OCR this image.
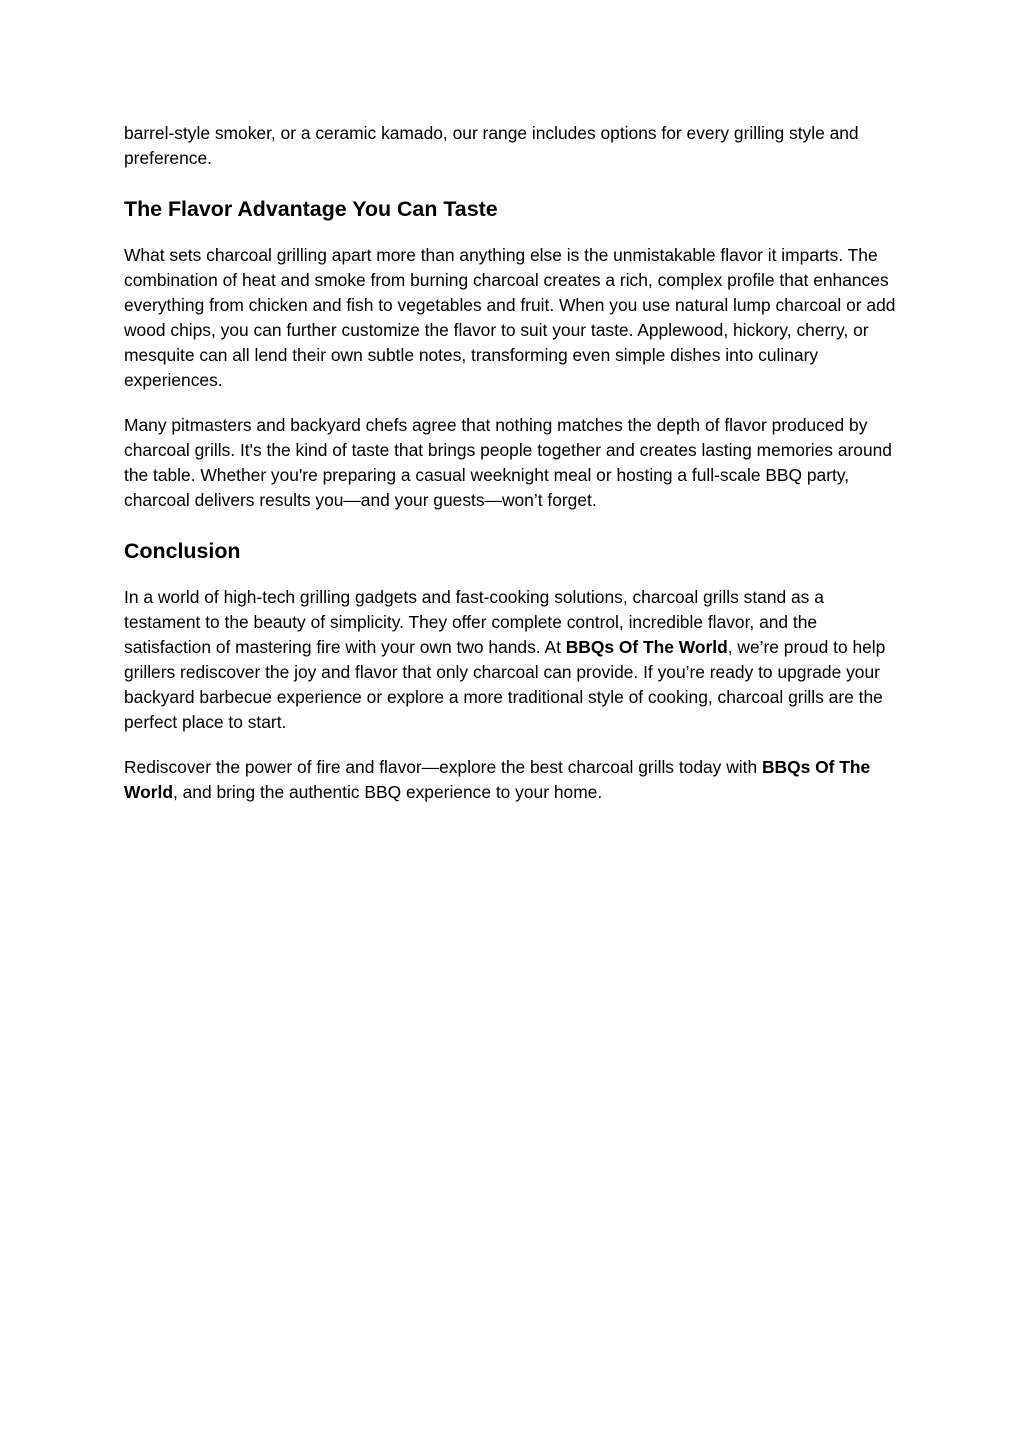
barrel-style smoker, or a ceramic kamado, our range includes options for every grilling style and preference.

The Flavor Advantage You Can Taste

What sets charcoal grilling apart more than anything else is the unmistakable flavor it imparts. The combination of heat and smoke from burning charcoal creates a rich, complex profile that enhances everything from chicken and fish to vegetables and fruit. When you use natural lump charcoal or add wood chips, you can further customize the flavor to suit your taste. Applewood, hickory, cherry, or mesquite can all lend their own subtle notes, transforming even simple dishes into culinary experiences.

Many pitmasters and backyard chefs agree that nothing matches the depth of flavor produced by charcoal grills. It's the kind of taste that brings people together and creates lasting memories around the table. Whether you're preparing a casual weeknight meal or hosting a full-scale BBQ party, charcoal delivers results you—and your guests—won’t forget.

Conclusion

In a world of high-tech grilling gadgets and fast-cooking solutions, charcoal grills stand as a testament to the beauty of simplicity. They offer complete control, incredible flavor, and the satisfaction of mastering fire with your own two hands. At BBQs Of The World, we’re proud to help grillers rediscover the joy and flavor that only charcoal can provide. If you’re ready to upgrade your backyard barbecue experience or explore a more traditional style of cooking, charcoal grills are the perfect place to start.

Rediscover the power of fire and flavor—explore the best charcoal grills today with BBQs Of The World, and bring the authentic BBQ experience to your home.
